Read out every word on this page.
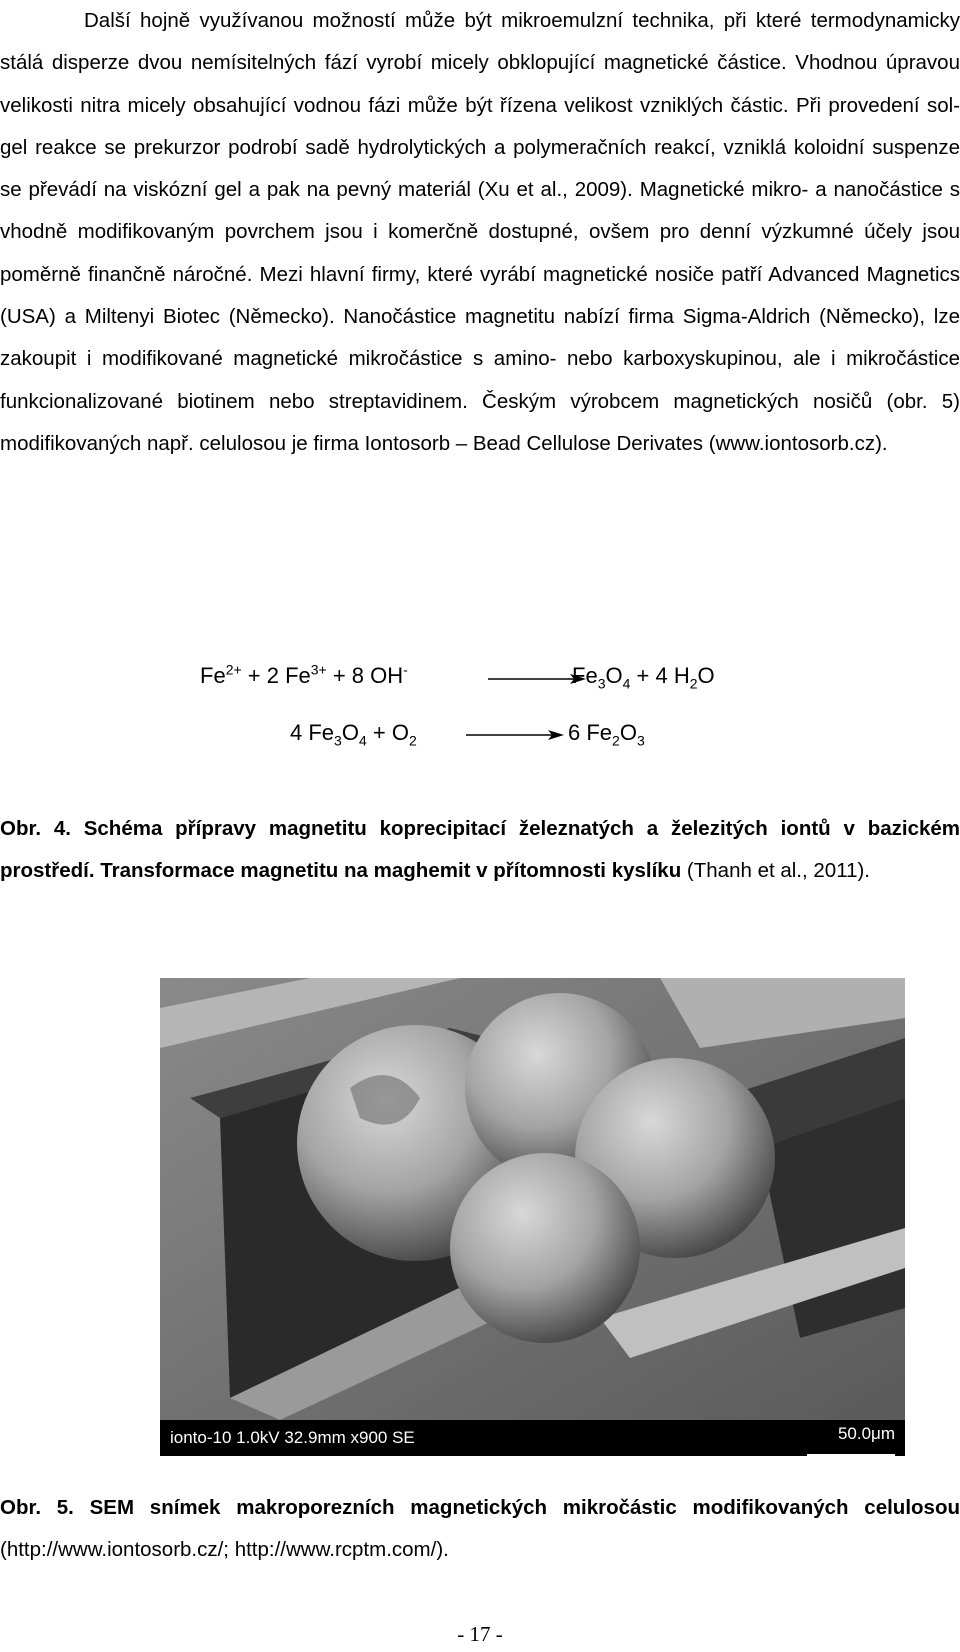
Další hojně využívanou možností může být mikroemulzní technika, při které termodynamicky stálá disperze dvou nemísitelných fází vyrobí micely obklopující magnetické částice. Vhodnou úpravou velikosti nitra micely obsahující vodnou fázi může být řízena velikost vzniklých částic. Při provedení sol-gel reakce se prekurzor podrobí sadě hydrolytických a polymeračních reakcí, vzniklá koloidní suspenze se převádí na viskózní gel a pak na pevný materiál (Xu et al., 2009). Magnetické mikro- a nanočástice s vhodně modifikovaným povrchem jsou i komerčně dostupné, ovšem pro denní výzkumné účely jsou poměrně finančně náročné. Mezi hlavní firmy, které vyrábí magnetické nosiče patří Advanced Magnetics (USA) a Miltenyi Biotec (Německo). Nanočástice magnetitu nabízí firma Sigma-Aldrich (Německo), lze zakoupit i modifikované magnetické mikročástice s amino- nebo karboxyskupinou, ale i mikročástice funkcionalizované biotinem nebo streptavidinem. Českým výrobcem magnetických nosičů (obr. 5) modifikovaných např. celulosou je firma Iontosorb – Bead Cellulose Derivates (www.iontosorb.cz).

$Fe^{2+} + 2$ $Fe^{3+} + 8$ OH-	$Fe_3O_4 + 4$ $H_2O$
4 $Fe_3O_4 + O_2$	6 $Fe_2O_3$

Obr. 4. Schéma přípravy magnetitu koprecipitací železnatých a železitých iontů v bazickém prostředí. Transformace magnetitu na maghemit v přítomnosti kyslíku (Thanh et al., 2011).

ionto-10 1.0kV 32.9mm x900 SE	50.0μm

Obr. 5. SEM snímek makroporezních magnetických mikročástic modifikovaných celulosou (http://www.iontosorb.cz/; http://www.rcptm.com/).

- 17 -
